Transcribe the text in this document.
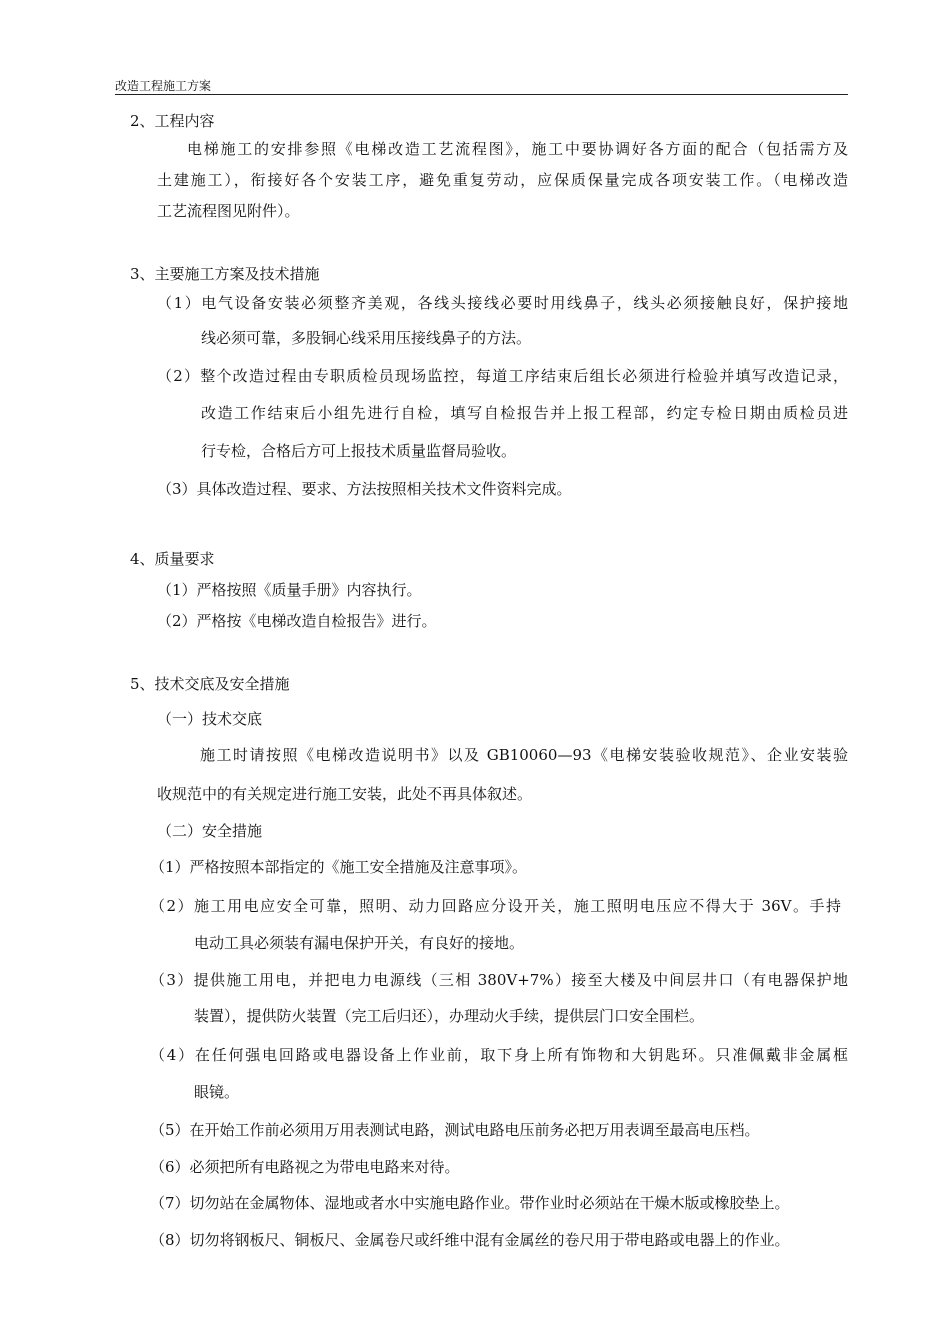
改造工程施工方案
2、工程内容
电梯施工的安排参照《电梯改造工艺流程图》，施工中要协调好各方面的配合（包括需方及
土建施工），衔接好各个安装工序，避免重复劳动，应保质保量完成各项安装工作。（电梯改造
工艺流程图见附件）。
3、主要施工方案及技术措施
（1）电气设备安装必须整齐美观，各线头接线必要时用线鼻子，线头必须接触良好，保护接地
线必须可靠，多股铜心线采用压接线鼻子的方法。
（2）整个改造过程由专职质检员现场监控，每道工序结束后组长必须进行检验并填写改造记录，
改造工作结束后小组先进行自检，填写自检报告并上报工程部，约定专检日期由质检员进
行专检，合格后方可上报技术质量监督局验收。
（3）具体改造过程、要求、方法按照相关技术文件资料完成。
4、质量要求
（1）严格按照《质量手册》内容执行。
（2）严格按《电梯改造自检报告》进行。
5、技术交底及安全措施
（一）技术交底
施工时请按照《电梯改造说明书》以及 GB10060—93《电梯安装验收规范》、企业安装验
收规范中的有关规定进行施工安装，此处不再具体叙述。
（二）安全措施
（1）严格按照本部指定的《施工安全措施及注意事项》。
（2）施工用电应安全可靠，照明、动力回路应分设开关，施工照明电压应不得大于 36V。手持
电动工具必须装有漏电保护开关，有良好的接地。
（3）提供施工用电，并把电力电源线（三相 380V+7%）接至大楼及中间层井口（有电器保护地
装置），提供防火装置（完工后归还），办理动火手续，提供层门口安全围栏。
（4）在任何强电回路或电器设备上作业前，取下身上所有饰物和大钥匙环。只准佩戴非金属框
眼镜。
（5）在开始工作前必须用万用表测试电路，测试电路电压前务必把万用表调至最高电压档。
（6）必须把所有电路视之为带电电路来对待。
（7）切勿站在金属物体、湿地或者水中实施电路作业。带作业时必须站在干燥木版或橡胶垫上。
（8）切勿将钢板尺、铜板尺、金属卷尺或纤维中混有金属丝的卷尺用于带电路或电器上的作业。
